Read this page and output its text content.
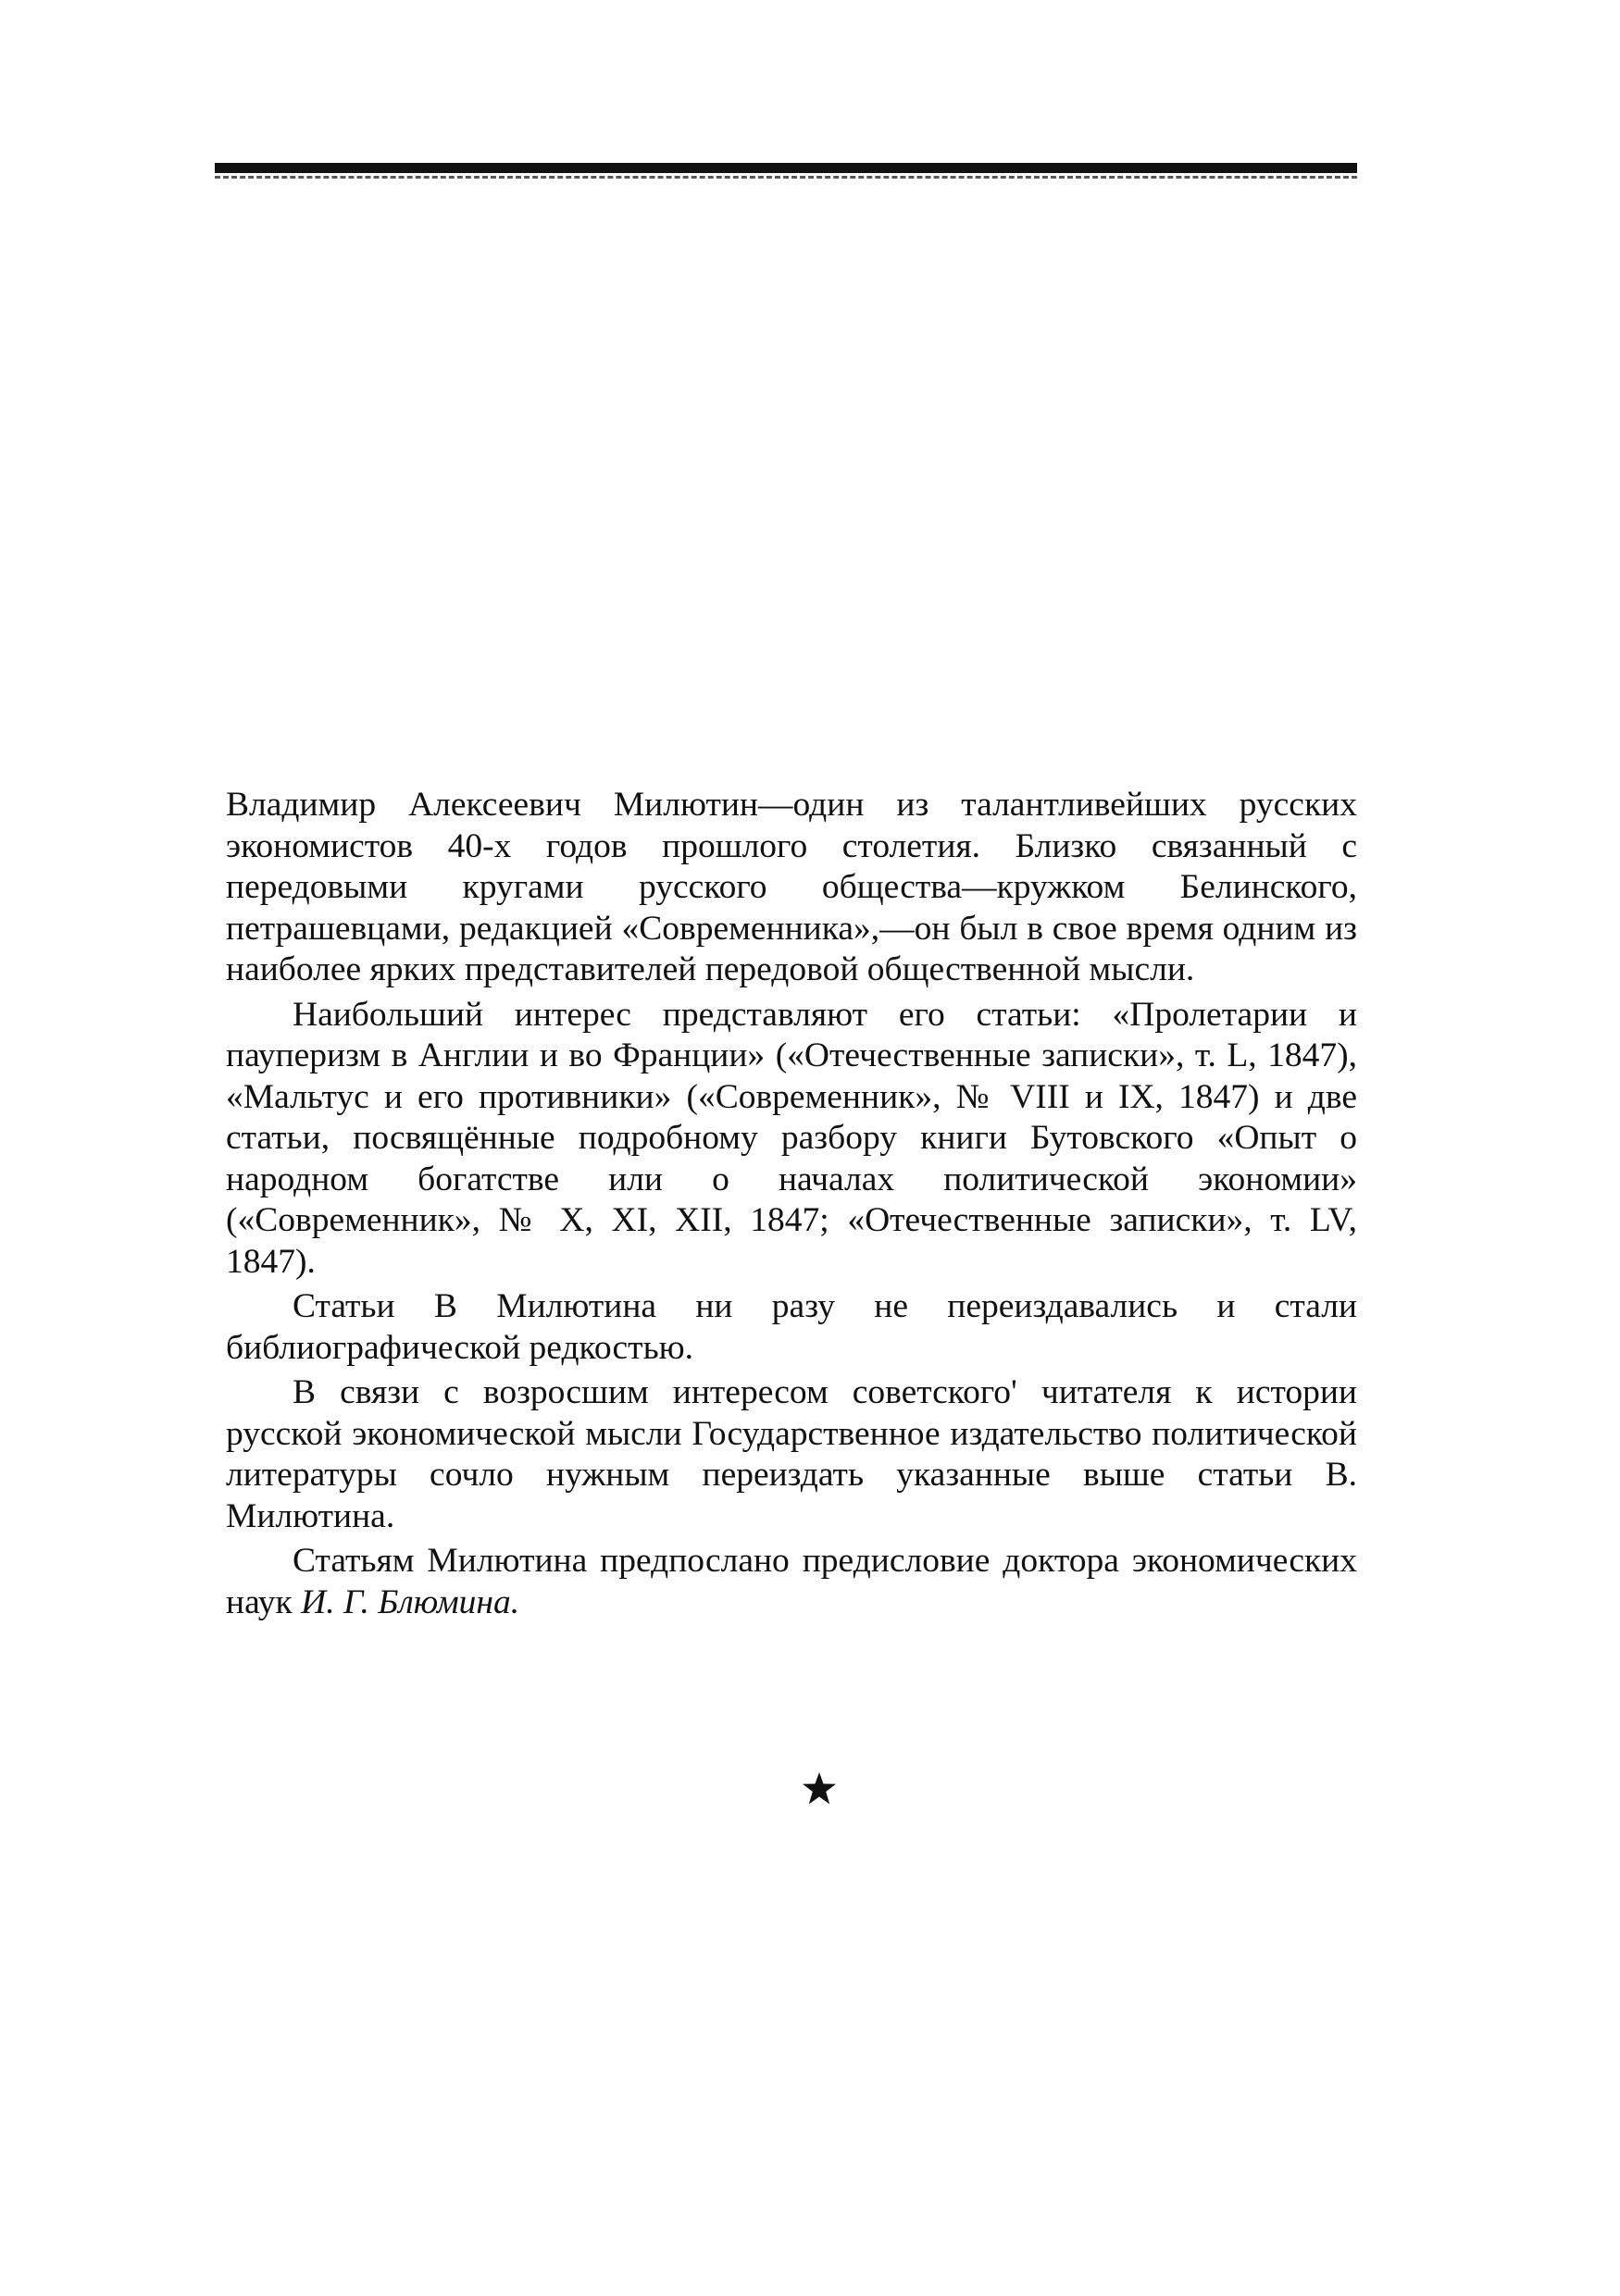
Владимир Алексеевич Милютин—один из талантливейших русских экономистов 40-х годов прошлого столетия. Близко связанный с передовыми кругами русского общества—кружком Белинского, петрашевцами, редакцией «Современника»,—он был в свое время одним из наиболее ярких представителей передовой общественной мысли.

Наибольший интерес представляют его статьи: «Пролетарии и пауперизм в Англии и во Франции» («Отечественные записки», т. L, 1847), «Мальтус и его противники» («Современник», № VIII и IX, 1847) и две статьи, посвящённые подробному разбору книги Бутовского «Опыт о народном богатстве или о началах политической экономии» («Современник», № X, XI, XII, 1847; «Отечественные записки», т. LV, 1847).

Статьи В Милютина ни разу не переиздавались и стали библиографической редкостью.

В связи с возросшим интересом советского' читателя к истории русской экономической мысли Государственное издательство политической литературы сочло нужным переиздать указанные выше статьи В. Милютина.

Статьям Милютина предпослано предисловие доктора экономических наук И. Г. Блюмина.
